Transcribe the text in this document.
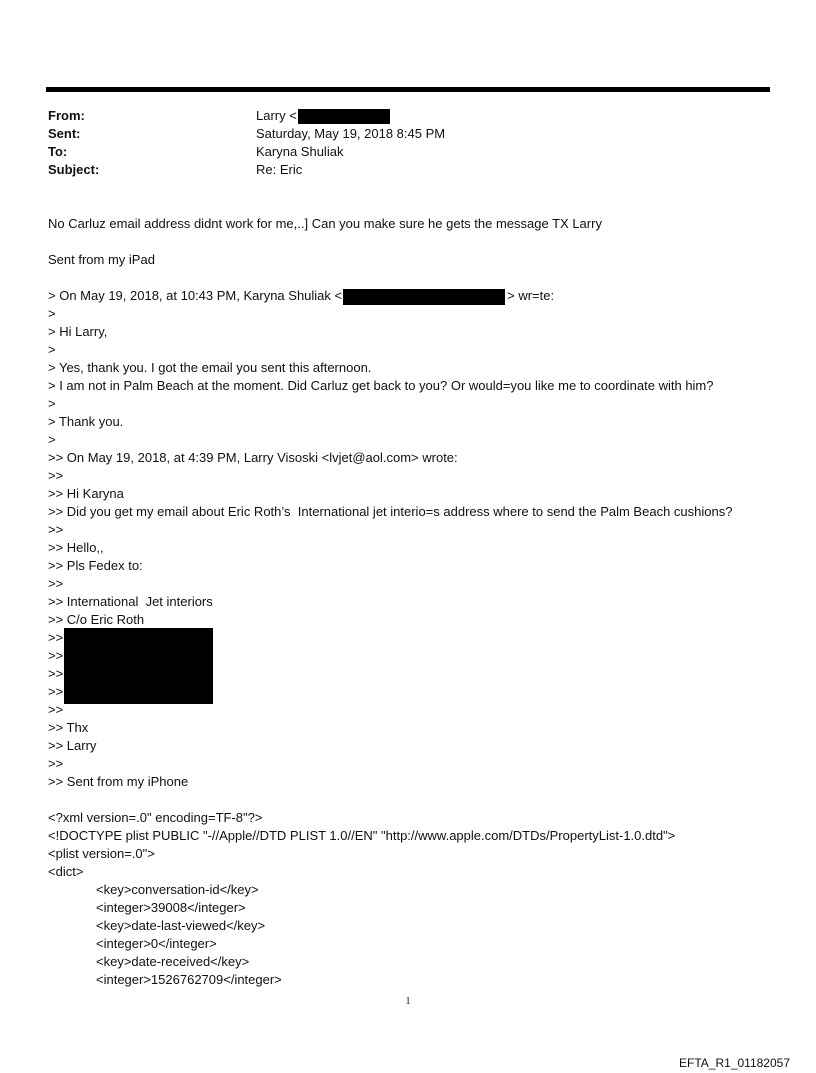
From:	Larry <
Sent:	Saturday, May 19, 2018 8:45 PM
To:	Karyna Shuliak
Subject:	Re: Eric
No Carluz email address didnt work for me,..] Can you make sure he gets the message TX Larry
Sent from my iPad
> On May 19, 2018, at 10:43 PM, Karyna Shuliak <	> wr=te:
>
> Hi Larry,
>
> Yes, thank you. I got the email you sent this afternoon.
> I am not in Palm Beach at the moment. Did Carluz get back to you? Or would=you like me to coordinate with him?
>
> Thank you.
>
>> On May 19, 2018, at 4:39 PM, Larry Visoski <lvjet@aol.com> wrote:
>>
>> Hi Karyna
>> Did you get my email about Eric Roth’s  International jet interio=s address where to send the Palm Beach cushions?
>>
>> Hello,,
>> Pls Fedex to:
>>
>> International  Jet interiors
>> C/o Eric Roth
>>
>>
>>
>>
>>
>> Thx
>> Larry
>>
>> Sent from my iPhone
<?xml version=.0" encoding=TF-8"?>
<!DOCTYPE plist PUBLIC "-//Apple//DTD PLIST 1.0//EN" "http://www.apple.com/DTDs/PropertyList-1.0.dtd">
<plist version=.0">
<dict>
<key>conversation-id</key>
<integer>39008</integer>
<key>date-last-viewed</key>
<integer>0</integer>
<key>date-received</key>
<integer>1526762709</integer>
1
EFTA_R1_01182057
